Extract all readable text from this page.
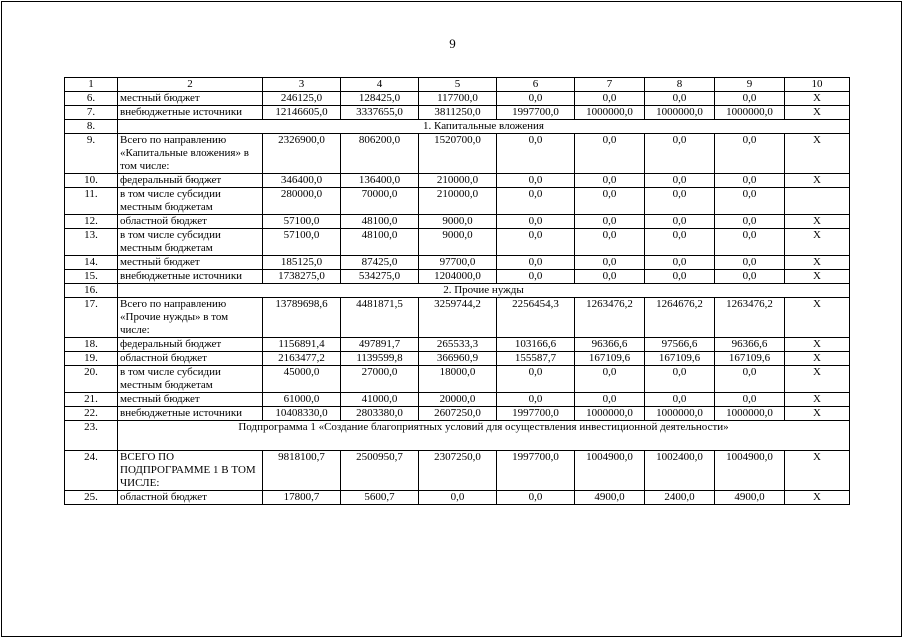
9
1	2	3	4	5	6	7	8	9	10
6.	местный бюджет	246125,0	128425,0	117700,0	0,0	0,0	0,0	0,0	X
7.	внебюджетные источники	12146605,0	3337655,0	3811250,0	1997700,0	1000000,0	1000000,0	1000000,0	X
8.	1. Капитальные вложения								
9.	Всего по направлению «Капитальные вложения» в том числе:	2326900,0	806200,0	1520700,0	0,0	0,0	0,0	0,0	X
10.	федеральный бюджет	346400,0	136400,0	210000,0	0,0	0,0	0,0	0,0	X
11.	в том числе субсидии местным бюджетам	280000,0	70000,0	210000,0	0,0	0,0	0,0	0,0	
12.	областной бюджет	57100,0	48100,0	9000,0	0,0	0,0	0,0	0,0	X
13.	в том числе субсидии местным бюджетам	57100,0	48100,0	9000,0	0,0	0,0	0,0	0,0	X
14.	местный бюджет	185125,0	87425,0	97700,0	0,0	0,0	0,0	0,0	X
15.	внебюджетные источники	1738275,0	534275,0	1204000,0	0,0	0,0	0,0	0,0	X
16.	2. Прочие нужды								
17.	Всего по направлению «Прочие нужды» в том числе:	13789698,6	4481871,5	3259744,2	2256454,3	1263476,2	1264676,2	1263476,2	X
18.	федеральный бюджет	1156891,4	497891,7	265533,3	103166,6	96366,6	97566,6	96366,6	X
19.	областной бюджет	2163477,2	1139599,8	366960,9	155587,7	167109,6	167109,6	167109,6	X
20.	в том числе субсидии местным бюджетам	45000,0	27000,0	18000,0	0,0	0,0	0,0	0,0	X
21.	местный бюджет	61000,0	41000,0	20000,0	0,0	0,0	0,0	0,0	X
22.	внебюджетные источники	10408330,0	2803380,0	2607250,0	1997700,0	1000000,0	1000000,0	1000000,0	X
23.	Подпрограмма 1 «Создание благоприятных условий для осуществления инвестиционной деятельности»								
24.	ВСЕГО ПО ПОДПРОГРАММЕ 1 В ТОМ ЧИСЛЕ:	9818100,7	2500950,7	2307250,0	1997700,0	1004900,0	1002400,0	1004900,0	X
25.	областной бюджет	17800,7	5600,7	0,0	0,0	4900,0	2400,0	4900,0	X
